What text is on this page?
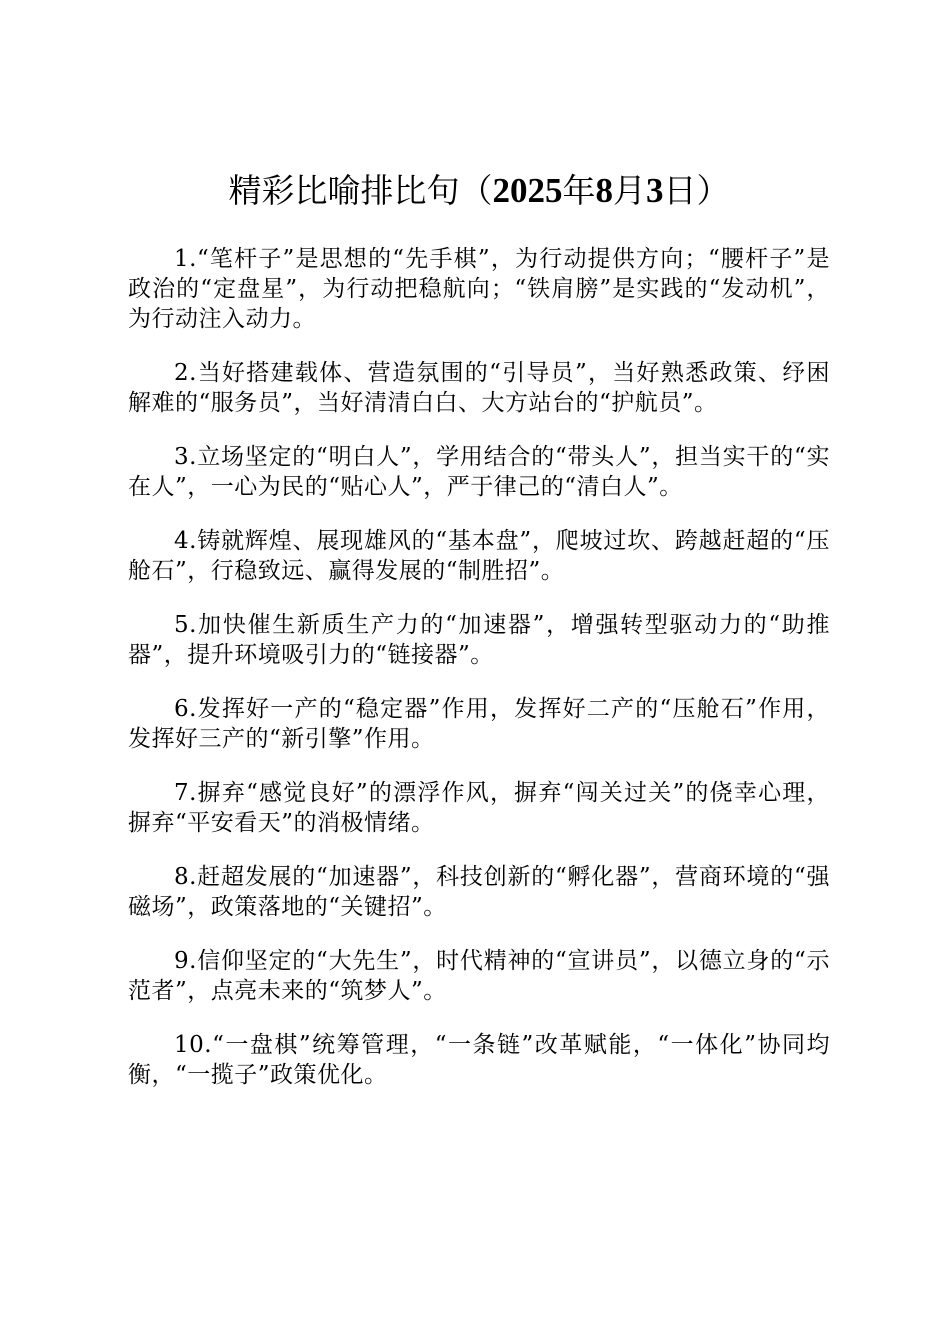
精彩比喻排比句（2025年8月3日）

1.“笔杆子”是思想的“先手棋”，为行动提供方向；“腰杆子”是政治的“定盘星”，为行动把稳航向；“铁肩膀”是实践的“发动机”，为行动注入动力。

2.当好搭建载体、营造氛围的“引导员”，当好熟悉政策、纾困解难的“服务员”，当好清清白白、大方站台的“护航员”。

3.立场坚定的“明白人”，学用结合的“带头人”，担当实干的“实在人”，一心为民的“贴心人”，严于律己的“清白人”。

4.铸就辉煌、展现雄风的“基本盘”，爬坡过坎、跨越赶超的“压舱石”，行稳致远、赢得发展的“制胜招”。

5.加快催生新质生产力的“加速器”，增强转型驱动力的“助推器”，提升环境吸引力的“链接器”。

6.发挥好一产的“稳定器”作用，发挥好二产的“压舱石”作用，发挥好三产的“新引擎”作用。

7.摒弃“感觉良好”的漂浮作风，摒弃“闯关过关”的侥幸心理，摒弃“平安看天”的消极情绪。

8.赶超发展的“加速器”，科技创新的“孵化器”，营商环境的“强磁场”，政策落地的“关键招”。

9.信仰坚定的“大先生”，时代精神的“宣讲员”，以德立身的“示范者”，点亮未来的“筑梦人”。

10.“一盘棋”统筹管理，“一条链”改革赋能，“一体化”协同均衡，“一揽子”政策优化。
